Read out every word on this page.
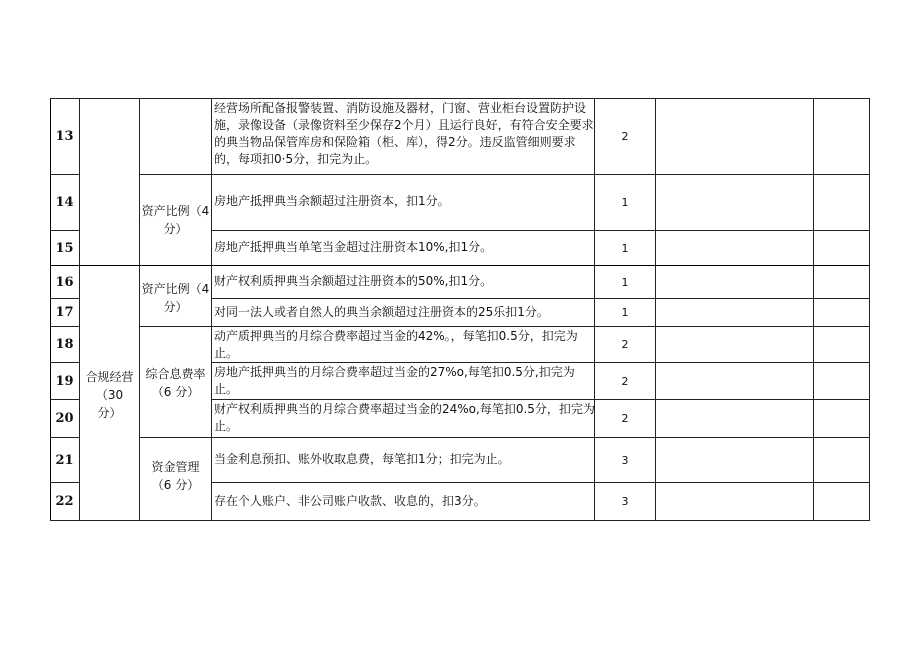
13
14
15
16
17
18
19
20
21
22
合规经营
（30
分）
资产比例（4
分）
资产比例（4
分）
综合息费率
（6 分）
资金管理
（6 分）
经营场所配备报警装置、消防设施及器材，门窗、营业柜台设置防护设施，录像设备（录像资料至少保存2个月）且运行良好，有符合安全要求的典当物品保管库房和保险箱（柜、库），得2分。违反监管细则要求的，每项扣0·5分，扣完为止。
房地产抵押典当余额超过注册资本，扣1分。
房地产抵押典当单笔当金超过注册资本10%,扣1分。
财产权利质押典当余额超过注册资本的50%,扣1分。
对同一法人或者自然人的典当余额超过注册资本的25乐扣1分。
动产质押典当的月综合费率超过当金的42%。，每笔扣0.5分，扣完为止。
房地产抵押典当的月综合费率超过当金的27%o,每笔扣0.5分,扣完为止。
财产权利质押典当的月综合费率超过当金的24%o,每笔扣0.5分，扣完为止。
当金利息预扣、账外收取息费，每笔扣1分；扣完为止。
存在个人账户、非公司账户收款、收息的，扣3分。
2
1
1
1
1
2
2
2
3
3
